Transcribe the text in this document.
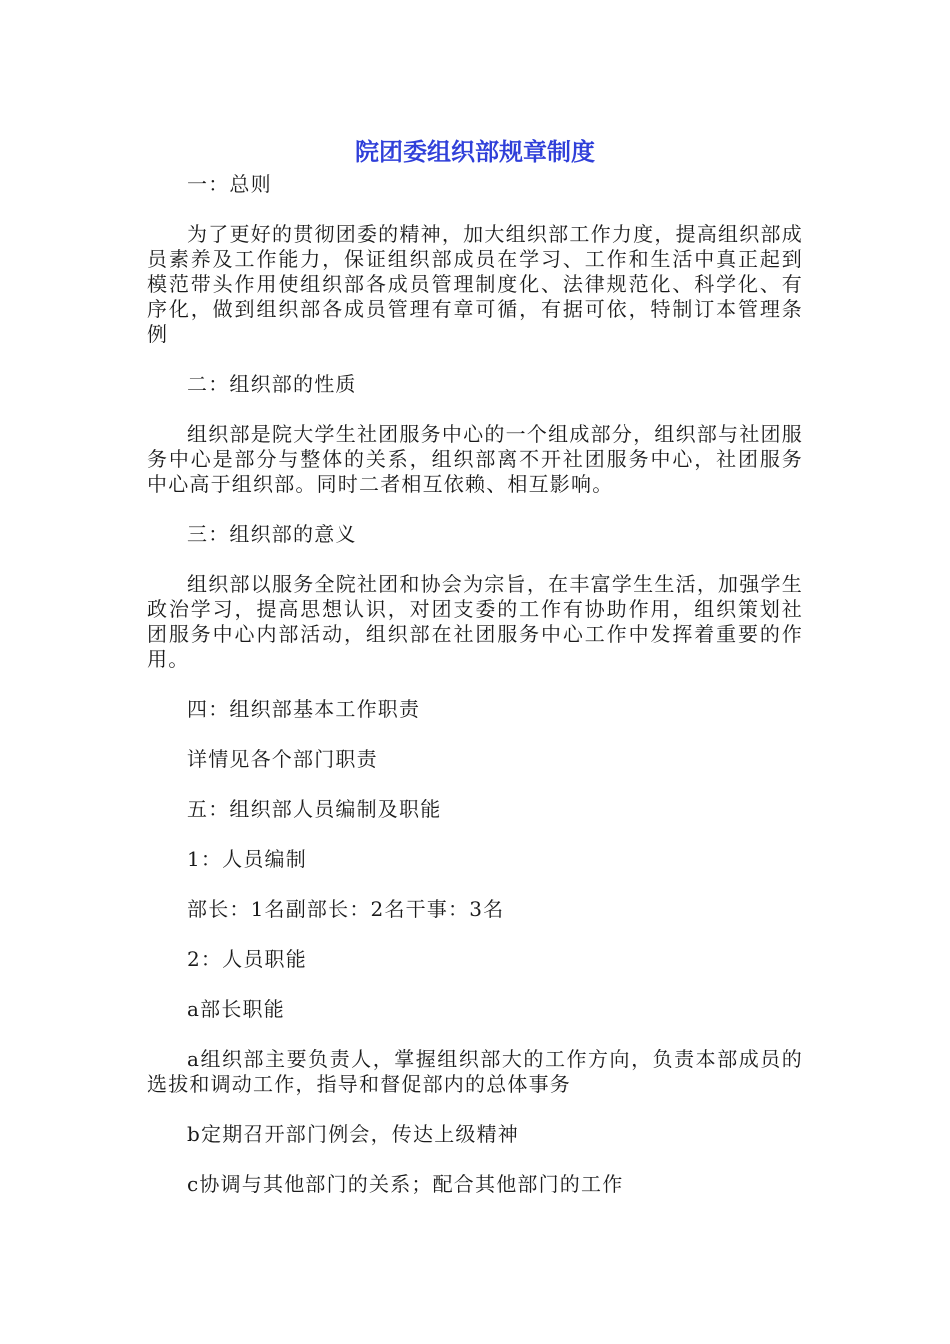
院团委组织部规章制度

一：总则

为了更好的贯彻团委的精神，加大组织部工作力度，提高组织部成员素养及工作能力，保证组织部成员在学习、工作和生活中真正起到模范带头作用使组织部各成员管理制度化、法律规范化、科学化、有序化，做到组织部各成员管理有章可循，有据可依，特制订本管理条例

二：组织部的性质

组织部是院大学生社团服务中心的一个组成部分，组织部与社团服务中心是部分与整体的关系，组织部离不开社团服务中心，社团服务中心高于组织部。同时二者相互依赖、相互影响。

三：组织部的意义

组织部以服务全院社团和协会为宗旨，在丰富学生生活，加强学生政治学习，提高思想认识，对团支委的工作有协助作用，组织策划社团服务中心内部活动，组织部在社团服务中心工作中发挥着重要的作用。

四：组织部基本工作职责

详情见各个部门职责

五：组织部人员编制及职能

1：人员编制

部长：1名副部长：2名干事：3名

2：人员职能

a部长职能

a组织部主要负责人，掌握组织部大的工作方向，负责本部成员的选拔和调动工作，指导和督促部内的总体事务

b定期召开部门例会，传达上级精神

c协调与其他部门的关系；配合其他部门的工作
